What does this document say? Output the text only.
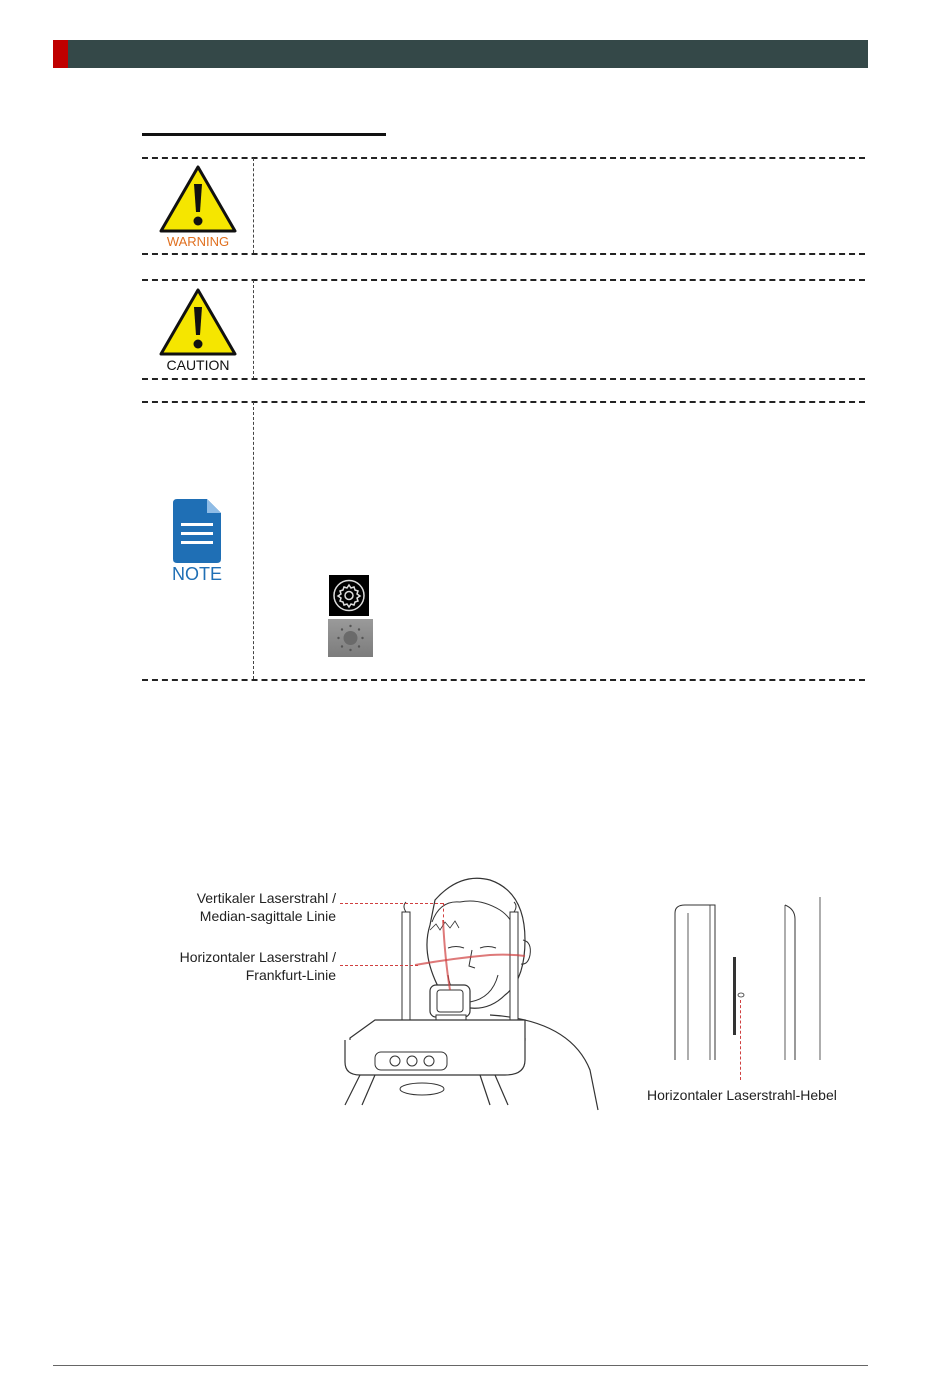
WARNING
CAUTION
NOTE
Vertikaler Laserstrahl /
Median-sagittale Linie
Horizontaler Laserstrahl /
Frankfurt-Linie
Horizontaler Laserstrahl-Hebel
